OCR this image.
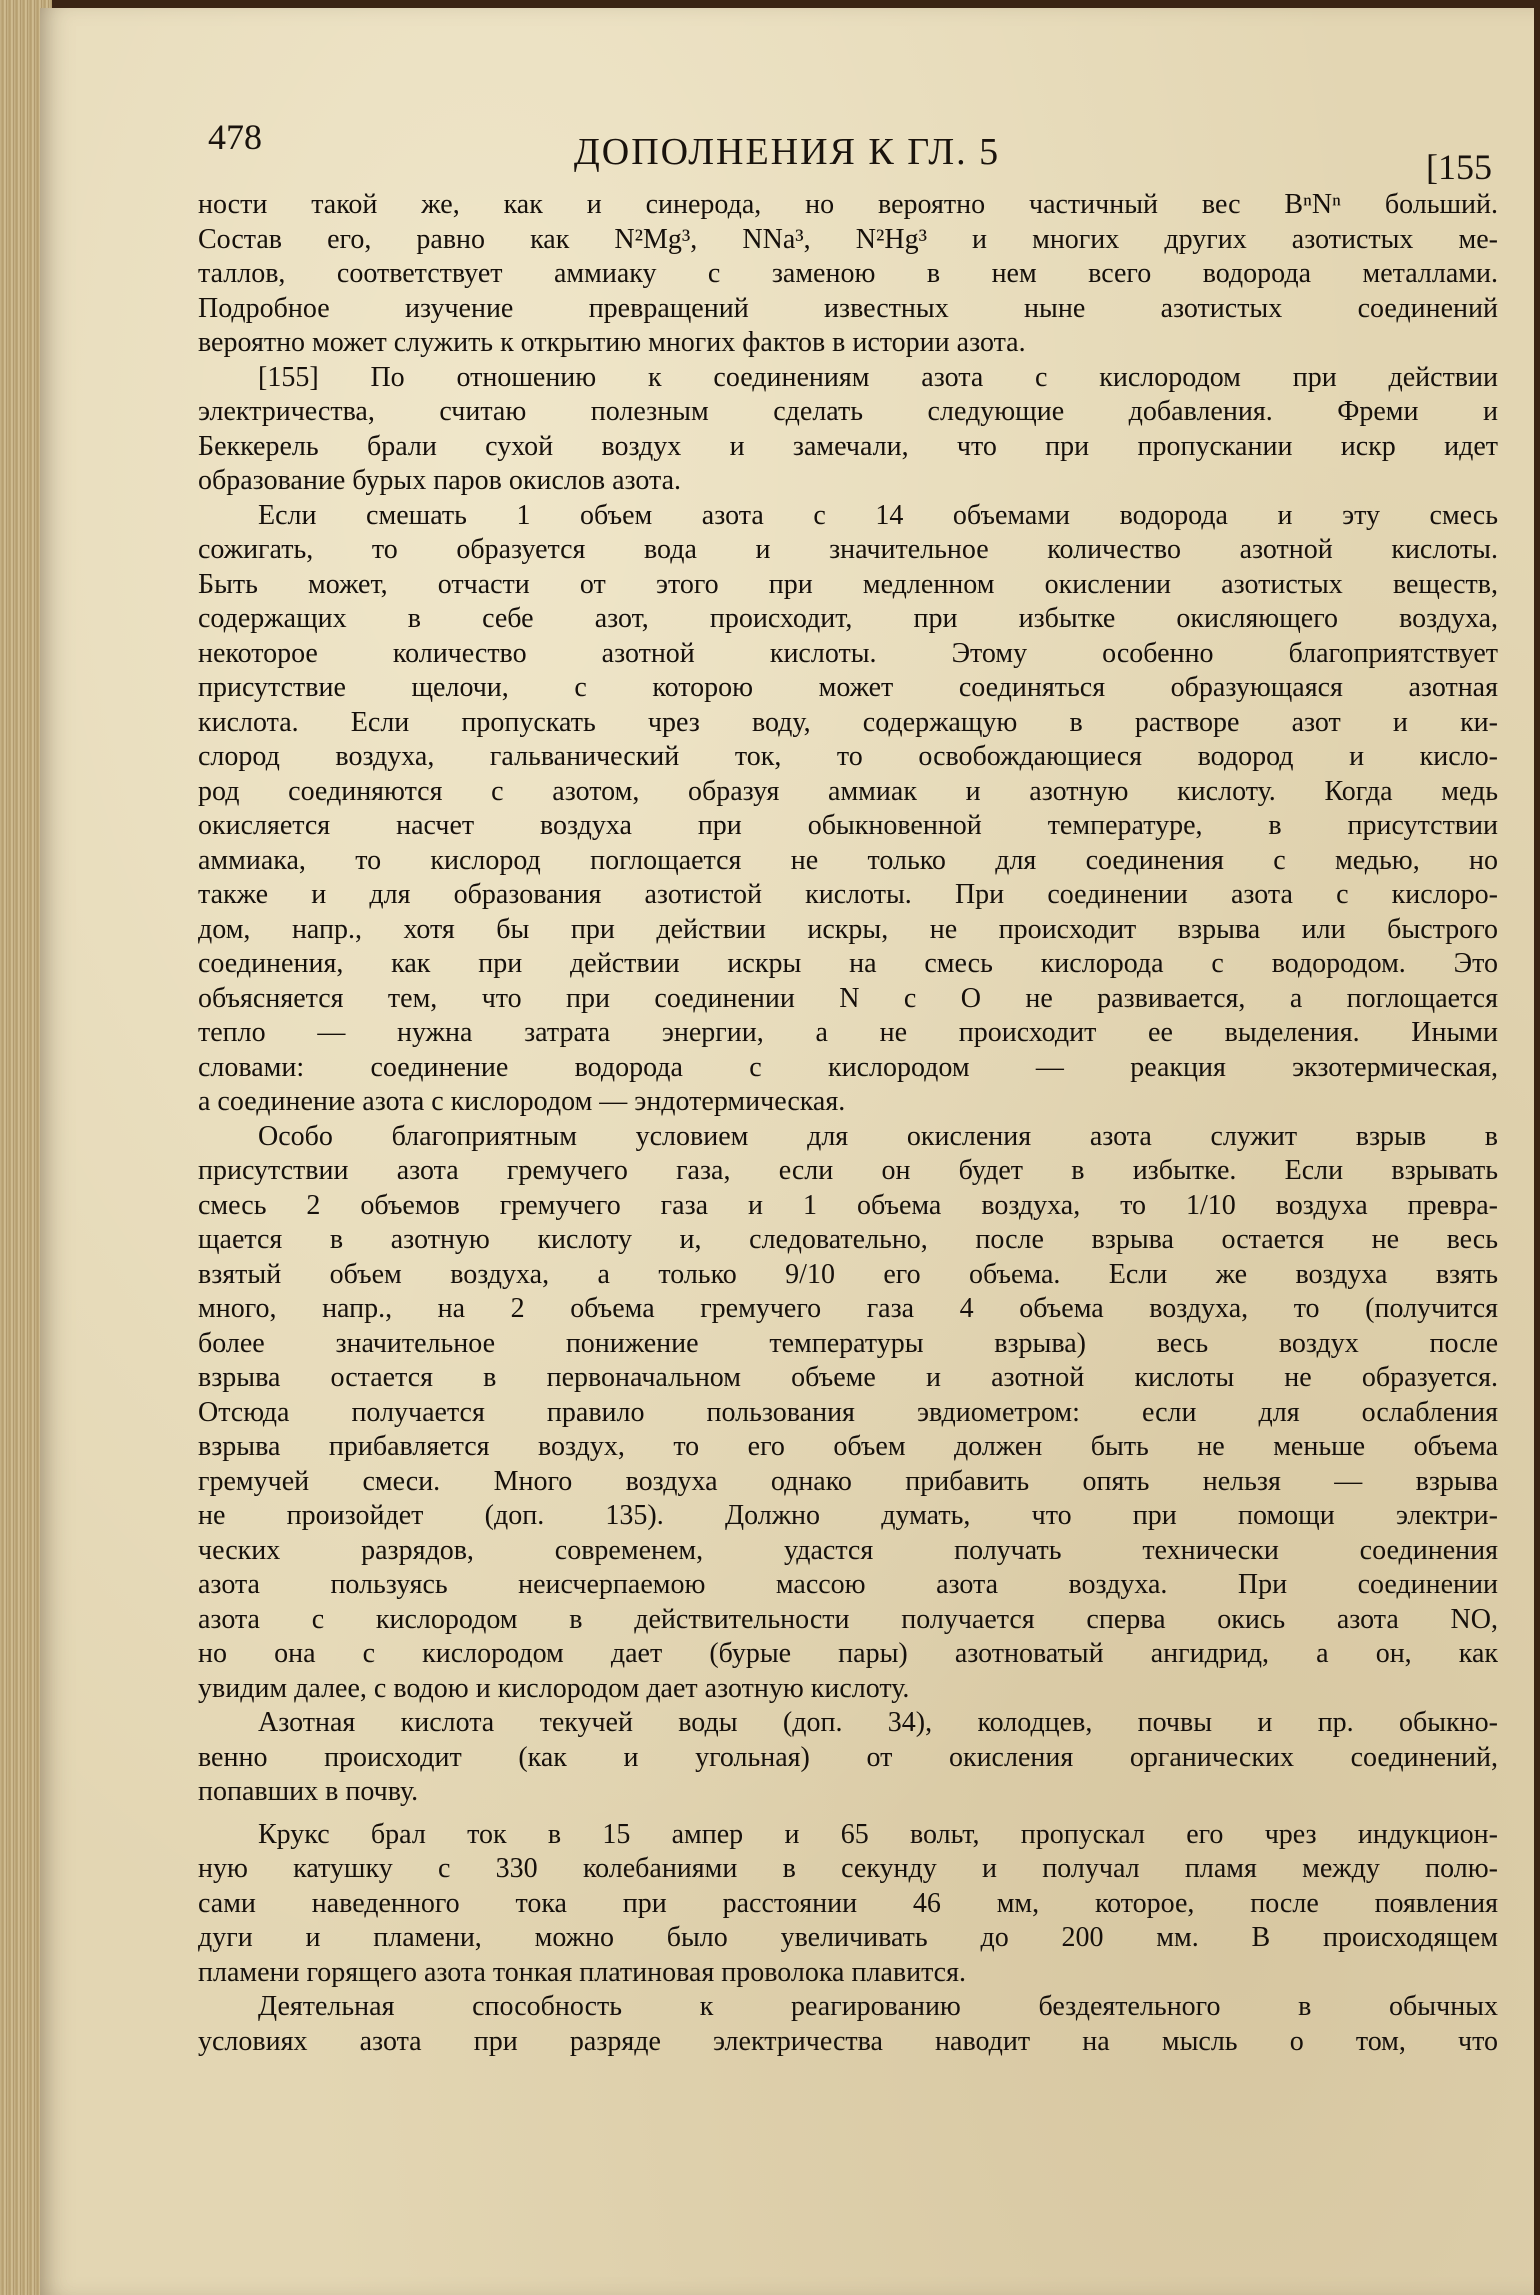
478	ДОПОЛНЕНИЯ К ГЛ. 5	[155

ности такой же, как и синерода, но вероятно частичный вес BⁿNⁿ больший.

Состав его, равно как N²Mg³, NNa³, N²Hg³ и многих других азотистых ме-

таллов, соответствует аммиаку с заменою в нем всего водорода металлами.

Подробное изучение превращений известных ныне азотистых соединений

вероятно может служить к открытию многих фактов в истории азота.

[155] По отношению к соединениям азота с кислородом при действии

электричества, считаю полезным сделать следующие добавления. Фреми и

Беккерель брали сухой воздух и замечали, что при пропускании искр идет

образование бурых паров окислов азота.

Если смешать 1 объем азота с 14 объемами водорода и эту смесь

сожигать, то образуется вода и значительное количество азотной кислоты.

Быть может, отчасти от этого при медленном окислении азотистых веществ,

содержащих в себе азот, происходит, при избытке окисляющего воздуха,

некоторое количество азотной кислоты. Этому особенно благоприятствует

присутствие щелочи, с которою может соединяться образующаяся азотная

кислота. Если пропускать чрез воду, содержащую в растворе азот и ки-

слород воздуха, гальванический ток, то освобождающиеся водород и кисло-

род соединяются с азотом, образуя аммиак и азотную кислоту. Когда медь

окисляется насчет воздуха при обыкновенной температуре, в присутствии

аммиака, то кислород поглощается не только для соединения с медью, но

также и для образования азотистой кислоты. При соединении азота с кислоро-

дом, напр., хотя бы при действии искры, не происходит взрыва или быстрого

соединения, как при действии искры на смесь кислорода с водородом. Это

объясняется тем, что при соединении N с O не развивается, а поглощается

тепло — нужна затрата энергии, а не происходит ее выделения. Иными

словами: соединение водорода с кислородом — реакция экзотермическая,

а соединение азота с кислородом — эндотермическая.

Особо благоприятным условием для окисления азота служит взрыв в

присутствии азота гремучего газа, если он будет в избытке. Если взрывать

смесь 2 объемов гремучего газа и 1 объема воздуха, то 1/10 воздуха превра-

щается в азотную кислоту и, следовательно, после взрыва остается не весь

взятый объем воздуха, а только 9/10 его объема. Если же воздуха взять

много, напр., на 2 объема гремучего газа 4 объема воздуха, то (получится

более значительное понижение температуры взрыва) весь воздух после

взрыва остается в первоначальном объеме и азотной кислоты не образуется.

Отсюда получается правило пользования эвдиометром: если для ослабления

взрыва прибавляется воздух, то его объем должен быть не меньше объема

гремучей смеси. Много воздуха однако прибавить опять нельзя — взрыва

не произойдет (доп. 135). Должно думать, что при помощи электри-

ческих разрядов, современем, удастся получать технически соединения

азота пользуясь неисчерпаемою массою азота воздуха. При соединении

азота с кислородом в действительности получается сперва окись азота NO,

но она с кислородом дает (бурые пары) азотноватый ангидрид, а он, как

увидим далее, с водою и кислородом дает азотную кислоту.

Азотная кислота текучей воды (доп. 34), колодцев, почвы и пр. обыкно-

венно происходит (как и угольная) от окисления органических соединений,

попавших в почву.

Крукс брал ток в 15 ампер и 65 вольт, пропускал его чрез индукцион-

ную катушку с 330 колебаниями в секунду и получал пламя между полю-

сами наведенного тока при расстоянии 46 мм, которое, после появления

дуги и пламени, можно было увеличивать до 200 мм. В происходящем

пламени горящего азота тонкая платиновая проволока плавится.

Деятельная способность к реагированию бездеятельного в обычных

условиях азота при разряде электричества наводит на мысль о том, что
